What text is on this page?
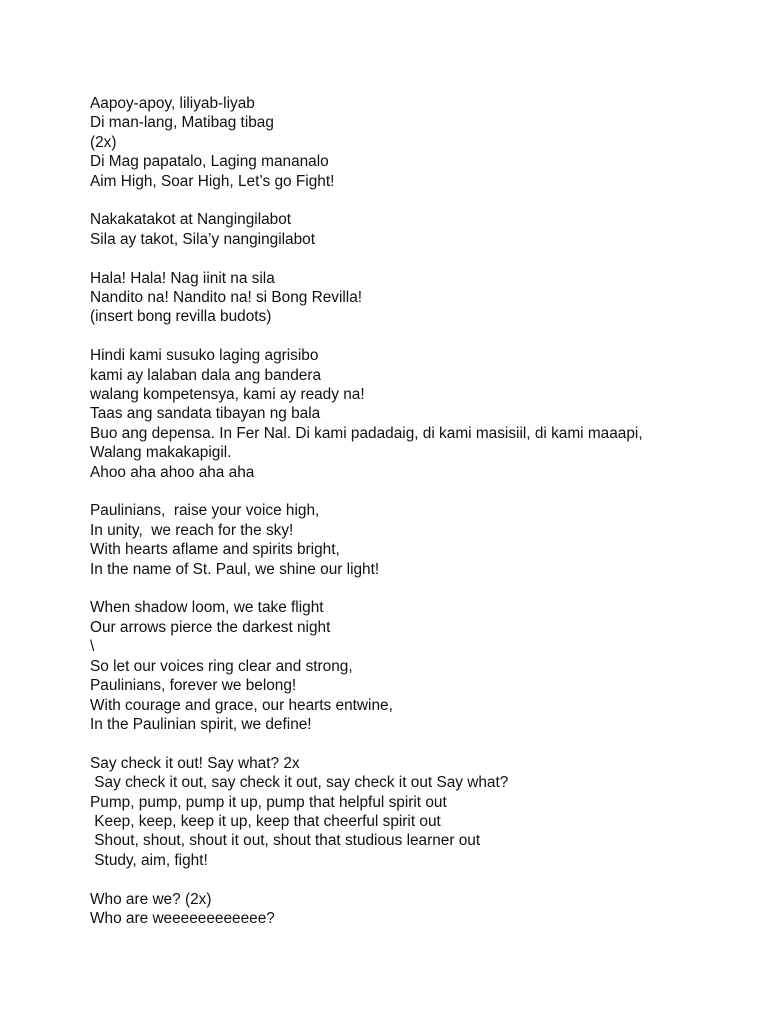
Aapoy-apoy, liliyab-liyab
Di man-lang, Matibag tibag
(2x)
Di Mag papatalo, Laging mananalo
Aim High, Soar High, Let’s go Fight!
Nakakatakot at Nangingilabot
Sila ay takot, Sila’y nangingilabot
Hala! Hala! Nag iinit na sila
Nandito na! Nandito na! si Bong Revilla!
(insert bong revilla budots)
Hindi kami susuko laging agrisibo
kami ay lalaban dala ang bandera
walang kompetensya, kami ay ready na!
Taas ang sandata tibayan ng bala
Buo ang depensa. In Fer Nal. Di kami padadaig, di kami masisiil, di kami maaapi,
Walang makakapigil.
Ahoo aha ahoo aha aha
Paulinians,  raise your voice high,
In unity,  we reach for the sky!
With hearts aflame and spirits bright,
In the name of St. Paul, we shine our light!
When shadow loom, we take flight
Our arrows pierce the darkest night
\
So let our voices ring clear and strong,
Paulinians, forever we belong!
With courage and grace, our hearts entwine,
In the Paulinian spirit, we define!
Say check it out! Say what? 2x
Say check it out, say check it out, say check it out Say what?
Pump, pump, pump it up, pump that helpful spirit out
Keep, keep, keep it up, keep that cheerful spirit out
Shout, shout, shout it out, shout that studious learner out
Study, aim, fight!
Who are we? (2x)
Who are weeeeeeeeeeee?
